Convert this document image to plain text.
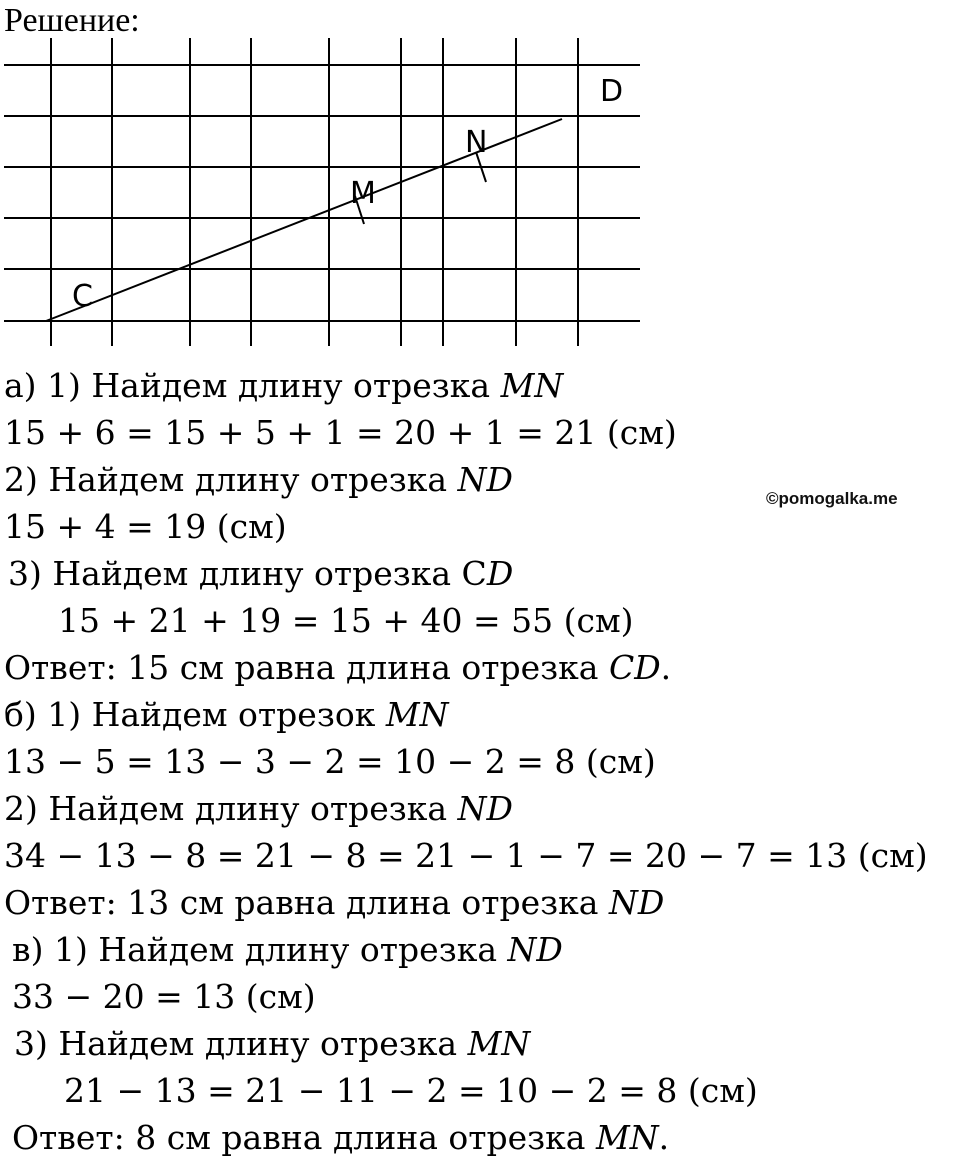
Решение:
C
M
N
D
©pomogalka.me
а) 1) Найдем длину отрезка MN
15 + 6 = 15 + 5 + 1 = 20 + 1 = 21 (см)
2) Найдем длину отрезка ND
15 + 4 = 19 (см)
3) Найдем длину отрезка CD
15 + 21 + 19 = 15 + 40 = 55 (см)
Ответ: 15 см равна длина отрезка CD.
б) 1) Найдем отрезок MN
13 − 5 = 13 − 3 − 2 = 10 − 2 = 8 (см)
2) Найдем длину отрезка ND
34 − 13 − 8 = 21 − 8 = 21 − 1 − 7 = 20 − 7 = 13 (см)
Ответ: 13 см равна длина отрезка ND
в) 1) Найдем длину отрезка ND
33 − 20 = 13 (см)
3) Найдем длину отрезка MN
21 − 13 = 21 − 11 − 2 = 10 − 2 = 8 (см)
Ответ: 8 см равна длина отрезка MN.
